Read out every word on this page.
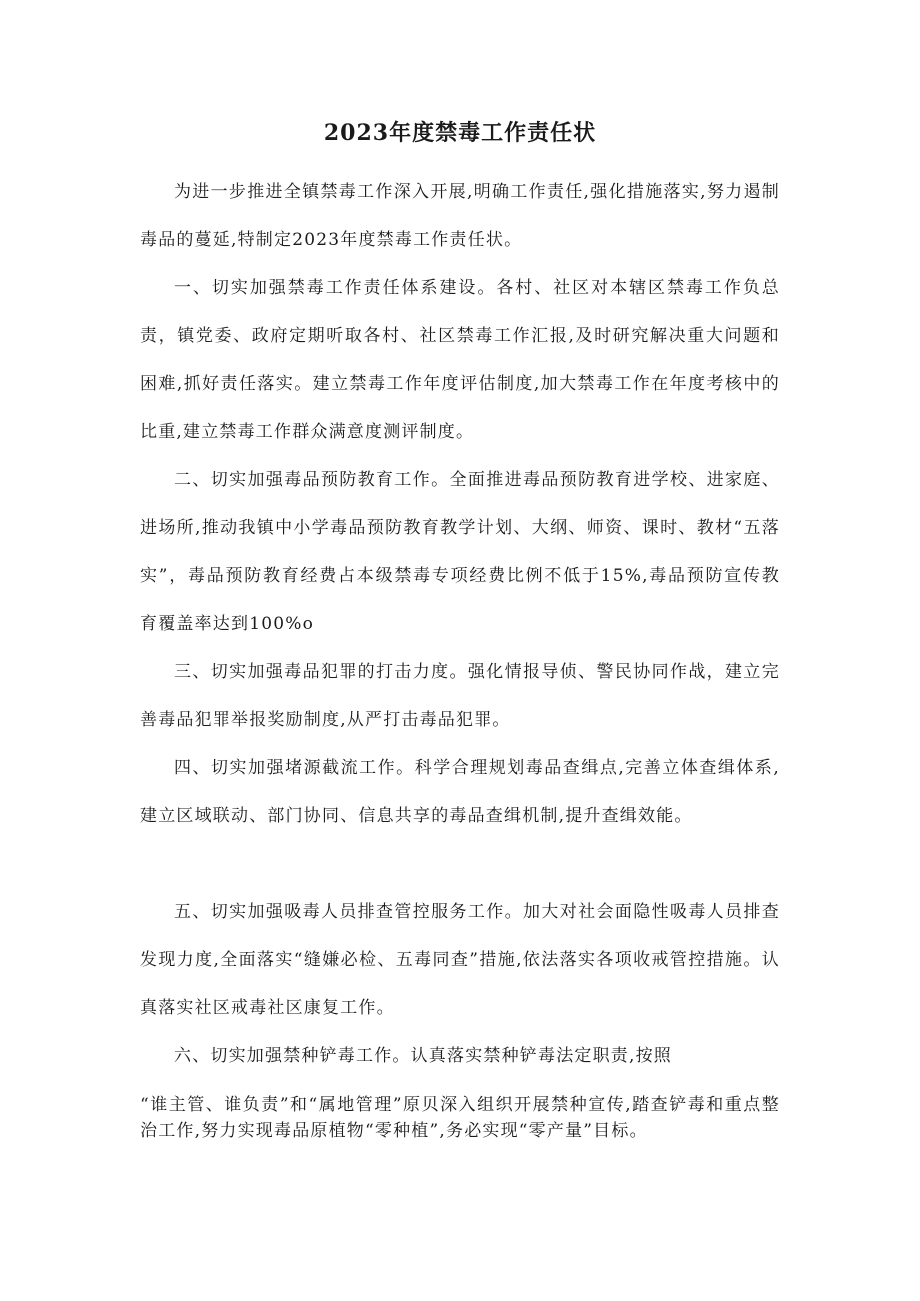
2023年度禁毒工作责任状

为进一步推进全镇禁毒工作深入开展,明确工作责任,强化措施落实,努力遏制毒品的蔓延,特制定2023年度禁毒工作责任状。

一、切实加强禁毒工作责任体系建设。各村、社区对本辖区禁毒工作负总责，镇党委、政府定期听取各村、社区禁毒工作汇报,及时研究解决重大问题和困难,抓好责任落实。建立禁毒工作年度评估制度,加大禁毒工作在年度考核中的比重,建立禁毒工作群众满意度测评制度。

二、切实加强毒品预防教育工作。全面推进毒品预防教育进学校、进家庭、进场所,推动我镇中小学毒品预防教育教学计划、大纲、师资、课时、教材“五落实”，毒品预防教育经费占本级禁毒专项经费比例不低于15%,毒品预防宣传教育覆盖率达到100%o

三、切实加强毒品犯罪的打击力度。强化情报导侦、警民协同作战，建立完善毒品犯罪举报奖励制度,从严打击毒品犯罪。

四、切实加强堵源截流工作。科学合理规划毒品查缉点,完善立体查缉体系,建立区域联动、部门协同、信息共享的毒品查缉机制,提升查缉效能。

五、切实加强吸毒人员排查管控服务工作。加大对社会面隐性吸毒人员排查发现力度,全面落实“缝嫌必检、五毒同查”措施,依法落实各项收戒管控措施。认真落实社区戒毒社区康复工作。

六、切实加强禁种铲毒工作。认真落实禁种铲毒法定职责,按照

“谁主管、谁负责”和“属地管理”原贝深入组织开展禁种宣传,踏查铲毒和重点整治工作,努力实现毒品原植物“零种植”,务必实现“零产量”目标。
